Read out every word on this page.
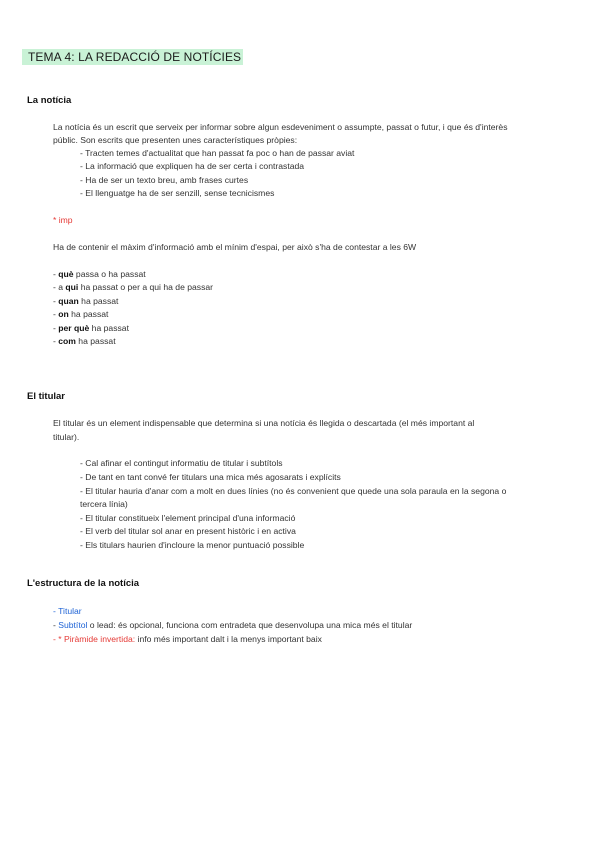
TEMA 4: LA REDACCIÓ DE NOTÍCIES
La notícia
La notícia és un escrit que serveix per informar sobre algun esdeveniment o assumpte, passat o futur, i que és d'interès
públic. Son escrits que presenten unes característiques pròpies:
- Tracten temes d'actualitat que han passat fa poc o han de passar aviat
- La informació que expliquen ha de ser certa i contrastada
- Ha de ser un texto breu, amb frases curtes
- El llenguatge ha de ser senzill, sense tecnicismes
* imp
Ha de contenir el màxim d'informació amb el mínim d'espai, per això s'ha de contestar a les 6W
- què passa o ha passat
- a qui ha passat o per a qui ha de passar
- quan ha passat
- on ha passat
- per què ha passat
- com ha passat
El titular
El titular és un element indispensable que determina si una notícia és llegida o descartada (el més important al
titular).
- Cal afinar el contingut informatiu de titular i subtítols
- De tant en tant convé fer titulars una mica més agosarats i explícits
- El titular hauria d'anar com a molt en dues línies (no és convenient que quede una sola paraula en la segona o
tercera línia)
- El titular constitueix l'element principal d'una informació
- El verb del titular sol anar en present històric i en activa
- Els titulars haurien d'incloure la menor puntuació possible
L'estructura de la notícia
- Titular
- Subtítol o lead: és opcional, funciona com entradeta que desenvolupa una mica més el titular
- * Piràmide invertida: info més important dalt i la menys important baix
